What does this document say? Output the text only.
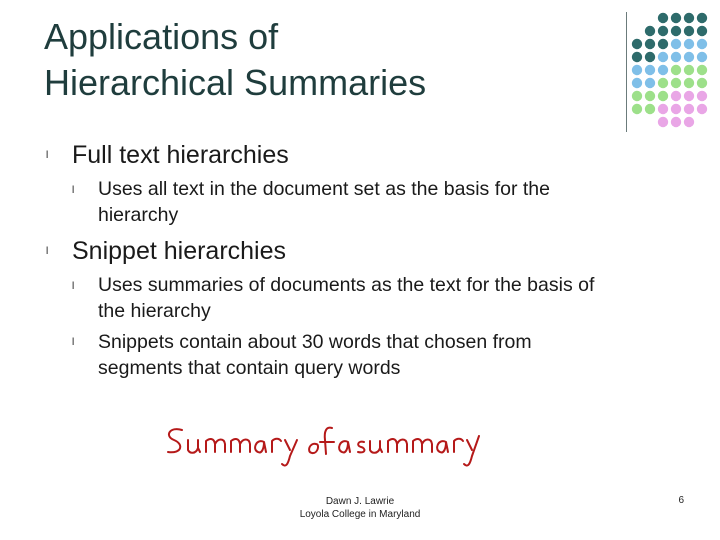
Applications of
Hierarchical Summaries
l Full text hierarchies
l Uses all text in the document set as the basis for the
hierarchy
l Snippet hierarchies
l Uses summaries of documents as the text for the basis of
the hierarchy
l Snippets contain about 30 words that chosen from
segments that contain query words
Dawn J. Lawrie
Loyola College in Maryland
6
